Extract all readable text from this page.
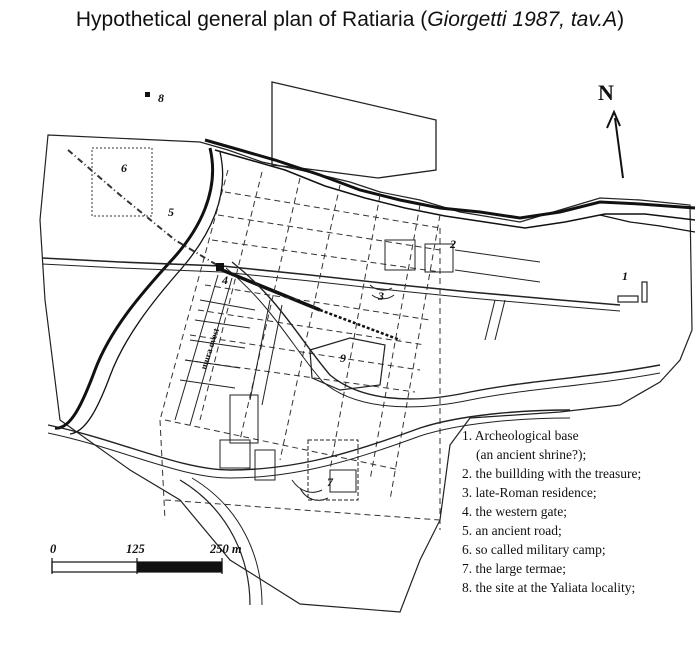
Hypothetical general plan of Ratiaria (Giorgetti 1987, tav.A)
1
2
3
4
5
6
7
8
9
mura ovest
N
0	125	250 m
1. Archeological base
(an ancient shrine?);
2. the buillding with the treasure;
3. late-Roman residence;
4. the western gate;
5. an ancient road;
6. so called military camp;
7. the large termae;
8. the site at the Yaliata locality;
